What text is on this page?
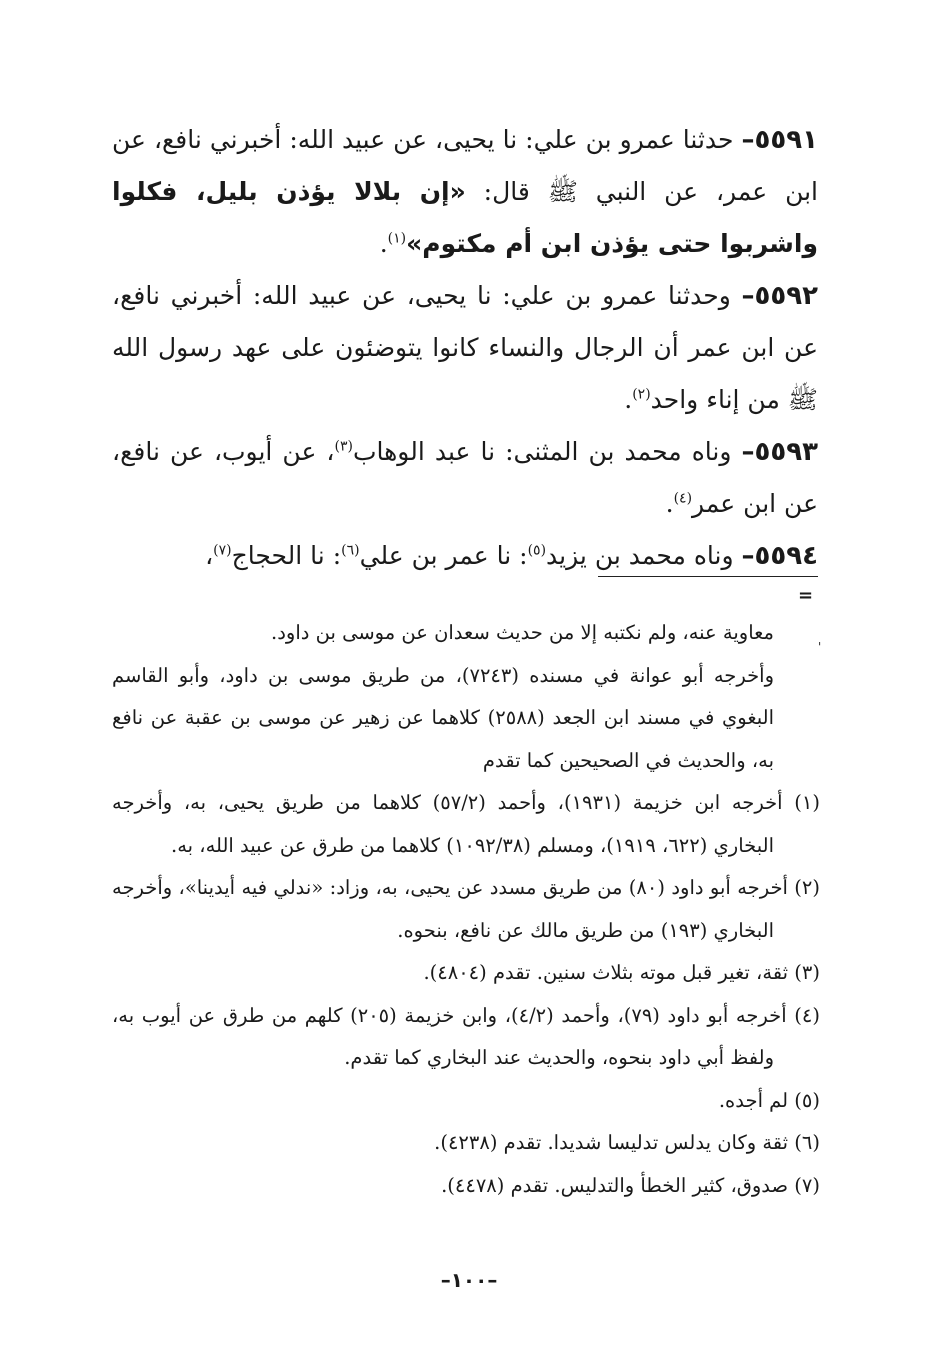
٥٥٩١– حدثنا عمرو بن علي: نا يحيى، عن عبيد الله: أخبرني نافع، عن ابن عمر، عن النبي ﷺ قال: «إن بلالا يؤذن بليل، فكلوا واشربوا حتى يؤذن ابن أم مكتوم»$^{(١)}$.

٥٥٩٢– وحدثنا عمرو بن علي: نا يحيى، عن عبيد الله: أخبرني نافع، عن ابن عمر أن الرجال والنساء كانوا يتوضئون على عهد رسول الله ﷺ من إناء واحد$^{(٢)}$.

٥٥٩٣– وناه محمد بن المثنى: نا عبد الوهاب$^{(٣)}$، عن أيوب، عن نافع، عن ابن عمر$^{(٤)}$.

٥٥٩٤– وناه محمد بن يزيد$^{(٥)}$: نا عمر بن علي$^{(٦)}$: نا الحجاج$^{(٧)}$،

=
'

معاوية عنه، ولم نكتبه إلا من حديث سعدان عن موسى بن داود.

وأخرجه أبو عوانة في مسنده (٧٢٤٣)، من طريق موسى بن داود، وأبو القاسم البغوي في مسند ابن الجعد (٢٥٨٨) كلاهما عن زهير عن موسى بن عقبة عن نافع به، والحديث في الصحيحين كما تقدم

(١) أخرجه ابن خزيمة (١٩٣١)، وأحمد (٥٧/٢) كلاهما من طريق يحيى، به، وأخرجه البخاري (٦٢٢، ١٩١٩)، ومسلم (١٠٩٢/٣٨) كلاهما من طرق عن عبيد الله، به.

(٢) أخرجه أبو داود (٨٠) من طريق مسدد عن يحيى، به، وزاد: «ندلي فيه أيدينا»، وأخرجه البخاري (١٩٣) من طريق مالك عن نافع، بنحوه.

(٣) ثقة، تغير قبل موته بثلاث سنين. تقدم (٤٨٠٤).

(٤) أخرجه أبو داود (٧٩)، وأحمد (٤/٢)، وابن خزيمة (٢٠٥) كلهم من طرق عن أيوب به، ولفظ أبي داود بنحوه، والحديث عند البخاري كما تقدم.

(٥) لم أجده.

(٦) ثقة وكان يدلس تدليسا شديدا. تقدم (٤٢٣٨).

(٧) صدوق، كثير الخطأ والتدليس. تقدم (٤٤٧٨).

–١٠٠–
